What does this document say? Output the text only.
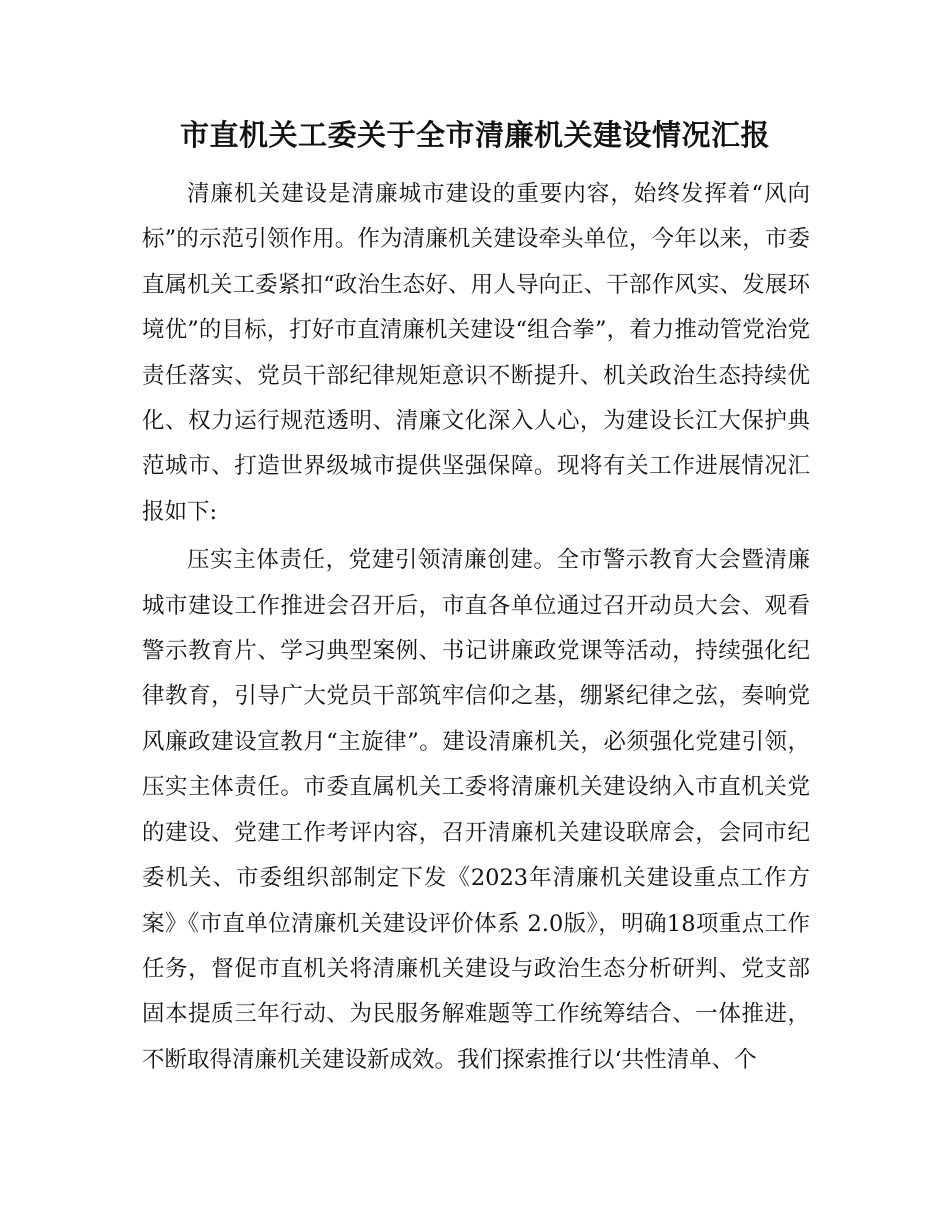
市直机关工委关于全市清廉机关建设情况汇报

清廉机关建设是清廉城市建设的重要内容，始终发挥着“风向标”的示范引领作用。作为清廉机关建设牵头单位，今年以来，市委直属机关工委紧扣“政治生态好、用人导向正、干部作风实、发展环境优”的目标，打好市直清廉机关建设“组合拳”，着力推动管党治党责任落实、党员干部纪律规矩意识不断提升、机关政治生态持续优化、权力运行规范透明、清廉文化深入人心，为建设长江大保护典范城市、打造世界级城市提供坚强保障。现将有关工作进展情况汇报如下:

压实主体责任，党建引领清廉创建。全市警示教育大会暨清廉城市建设工作推进会召开后，市直各单位通过召开动员大会、观看警示教育片、学习典型案例、书记讲廉政党课等活动，持续强化纪律教育，引导广大党员干部筑牢信仰之基，绷紧纪律之弦，奏响党风廉政建设宣教月“主旋律”。建设清廉机关，必须强化党建引领，压实主体责任。市委直属机关工委将清廉机关建设纳入市直机关党的建设、党建工作考评内容，召开清廉机关建设联席会，会同市纪委机关、市委组织部制定下发《2023年清廉机关建设重点工作方案》《市直单位清廉机关建设评价体系 2.0版》，明确18项重点工作任务，督促市直机关将清廉机关建设与政治生态分析研判、党支部固本提质三年行动、为民服务解难题等工作统筹结合、一体推进，不断取得清廉机关建设新成效。我们探索推行以‘共性清单、个
